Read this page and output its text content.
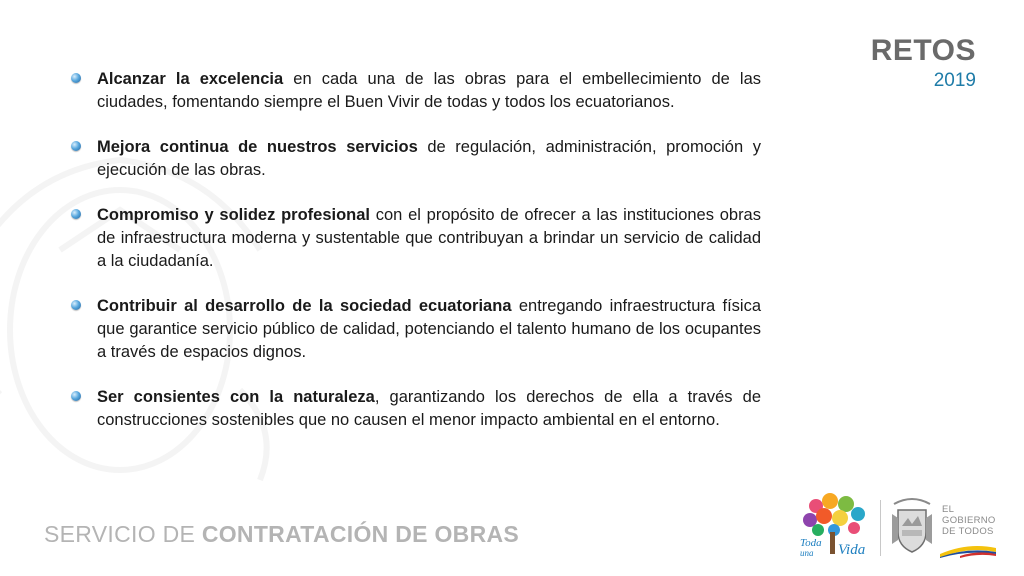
RETOS
2019

Alcanzar la excelencia en cada una de las obras para el embellecimiento de las ciudades, fomentando siempre el Buen Vivir de todas y todos los ecuatorianos.

Mejora continua de nuestros servicios de regulación, administración, promoción y ejecución de las obras.

Compromiso y solidez profesional con el propósito de ofrecer a las instituciones obras de infraestructura moderna y sustentable que contribuyan a brindar un servicio de calidad a la ciudadanía.

Contribuir al desarrollo de la sociedad ecuatoriana entregando infraestructura física que garantice servicio público de calidad, potenciando el talento humano de los ocupantes a través de espacios dignos.

Ser consientes con la naturaleza, garantizando los derechos de ella a través de construcciones sostenibles que no causen el menor impacto ambiental en el entorno.

SERVICIO DE CONTRATACIÓN DE OBRAS	Toda
una Vida
EL
GOBIERNO
DE TODOS
